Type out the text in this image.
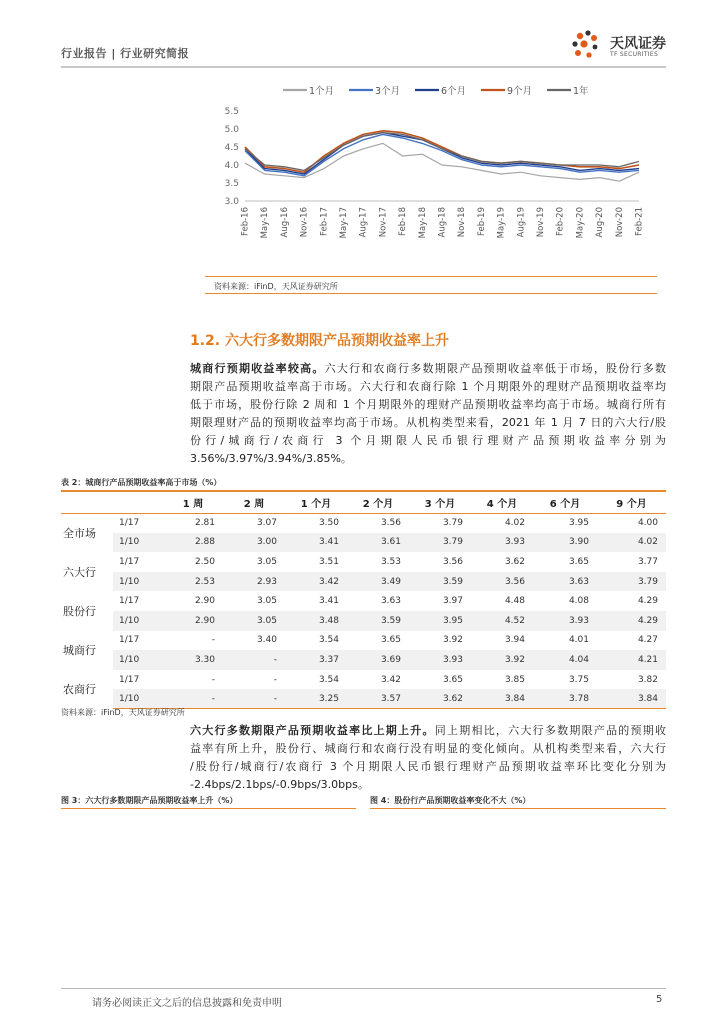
行业报告 | 行业研究简报
天风证券
TF SECURITIES
5.5
5.0
4.5
4.0
3.5
3.0
Feb-16 May-16 Aug-16 Nov-16 Feb-17 May-17 Aug-17 Nov-17 Feb-18 May-18 Aug-18 Nov-18 Feb-19 May-19 Aug-19 Nov-19 Feb-20 May-20 Aug-20 Nov-20 Feb-21
1个月	3个月	6个月	9个月	1年
资料来源：iFinD，天风证券研究所
1.2. 六大行多数期限产品预期收益率上升
城商行预期收益率较高。六大行和农商行多数期限产品预期收益率低于市场，股份行多数
期限产品预期收益率高于市场。六大行和农商行除 1 个月期限外的理财产品预期收益率均
低于市场，股份行除 2 周和 1 个月期限外的理财产品预期收益率均高于市场。城商行所有
期限理财产品的预期收益率均高于市场。从机构类型来看，2021 年 1 月 7 日的六大行/股
份行/城商行/农商行 3 个月期限人民币银行理财产品预期收益率分别为
3.56%/3.97%/3.94%/3.85%。
表 2：城商行产品预期收益率高于市场（%）
		1 周	2 周	1 个月	2 个月	3 个月	4 个月	6 个月	9 个月
全市场	1/17	2.81	3.07	3.50	3.56	3.79	4.02	3.95	4.00
	1/10	2.88	3.00	3.41	3.61	3.79	3.93	3.90	4.02
六大行	1/17	2.50	3.05	3.51	3.53	3.56	3.62	3.65	3.77
	1/10	2.53	2.93	3.42	3.49	3.59	3.56	3.63	3.79
股份行	1/17	2.90	3.05	3.41	3.63	3.97	4.48	4.08	4.29
	1/10	2.90	3.05	3.48	3.59	3.95	4.52	3.93	4.29
城商行	1/17	-	3.40	3.54	3.65	3.92	3.94	4.01	4.27
	1/10	3.30	-	3.37	3.69	3.93	3.92	4.04	4.21
农商行	1/17	-	-	3.54	3.42	3.65	3.85	3.75	3.82
	1/10	-	-	3.25	3.57	3.62	3.84	3.78	3.84
资料来源：iFinD，天风证券研究所
六大行多数期限产品预期收益率比上期上升。同上期相比，六大行多数期限产品的预期收
益率有所上升，股份行、城商行和农商行没有明显的变化倾向。从机构类型来看，六大行
/股份行/城商行/农商行 3 个月期限人民币银行理财产品预期收益率环比变化分别为
-2.4bps/2.1bps/-0.9bps/3.0bps。
图 3：六大行多数期限产品预期收益率上升（%）	图 4：股份行产品预期收益率变化不大（%）
请务必阅读正文之后的信息披露和免责申明	5
